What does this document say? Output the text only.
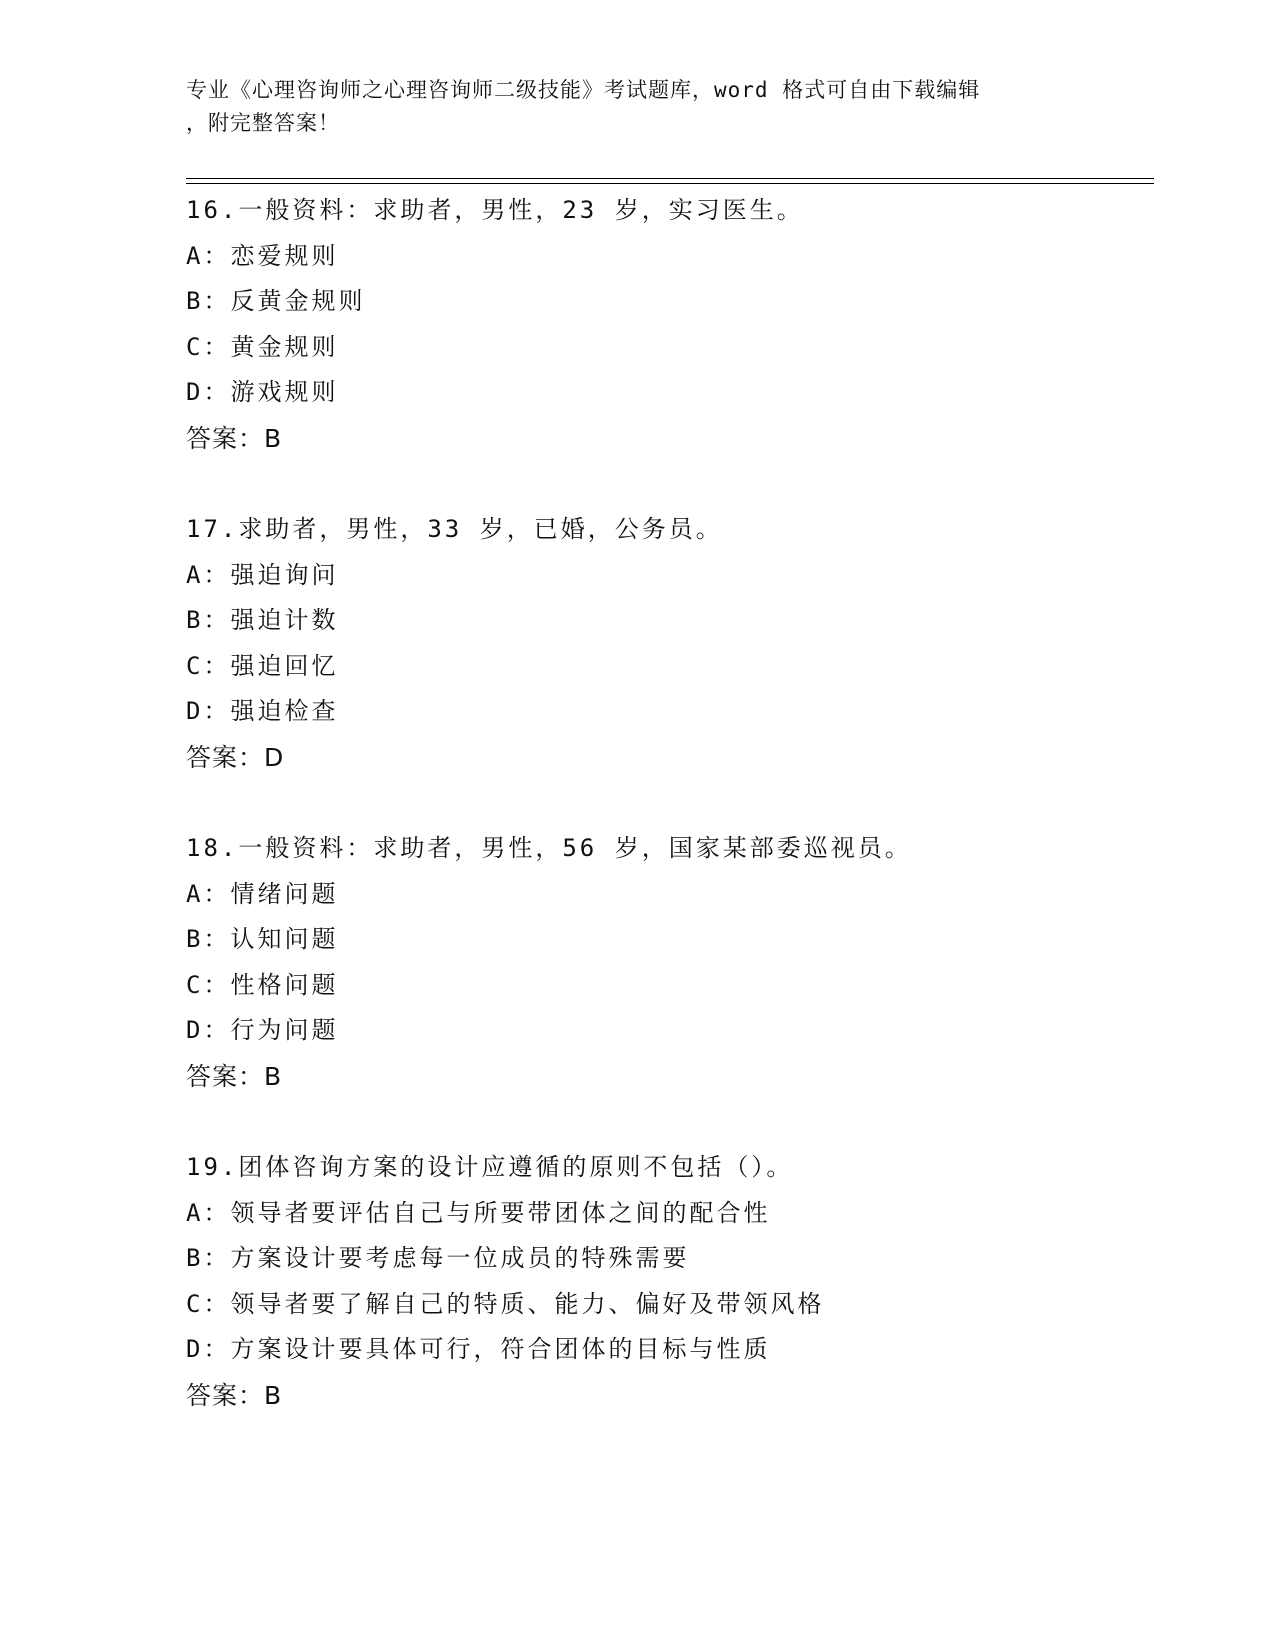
专业《心理咨询师之心理咨询师二级技能》考试题库，word 格式可自由下载编辑
，附完整答案！
16.一般资料：求助者，男性，23 岁，实习医生。
A：恋爱规则
B：反黄金规则
C：黄金规则
D：游戏规则
答案：B
17.求助者，男性，33 岁，已婚，公务员。
A：强迫询问
B：强迫计数
C：强迫回忆
D：强迫检查
答案：D
18.一般资料：求助者，男性，56 岁，国家某部委巡视员。
A：情绪问题
B：认知问题
C：性格问题
D：行为问题
答案：B
19.团体咨询方案的设计应遵循的原则不包括（）。
A：领导者要评估自己与所要带团体之间的配合性
B：方案设计要考虑每一位成员的特殊需要
C：领导者要了解自己的特质、能力、偏好及带领风格
D：方案设计要具体可行，符合团体的目标与性质
答案：B
